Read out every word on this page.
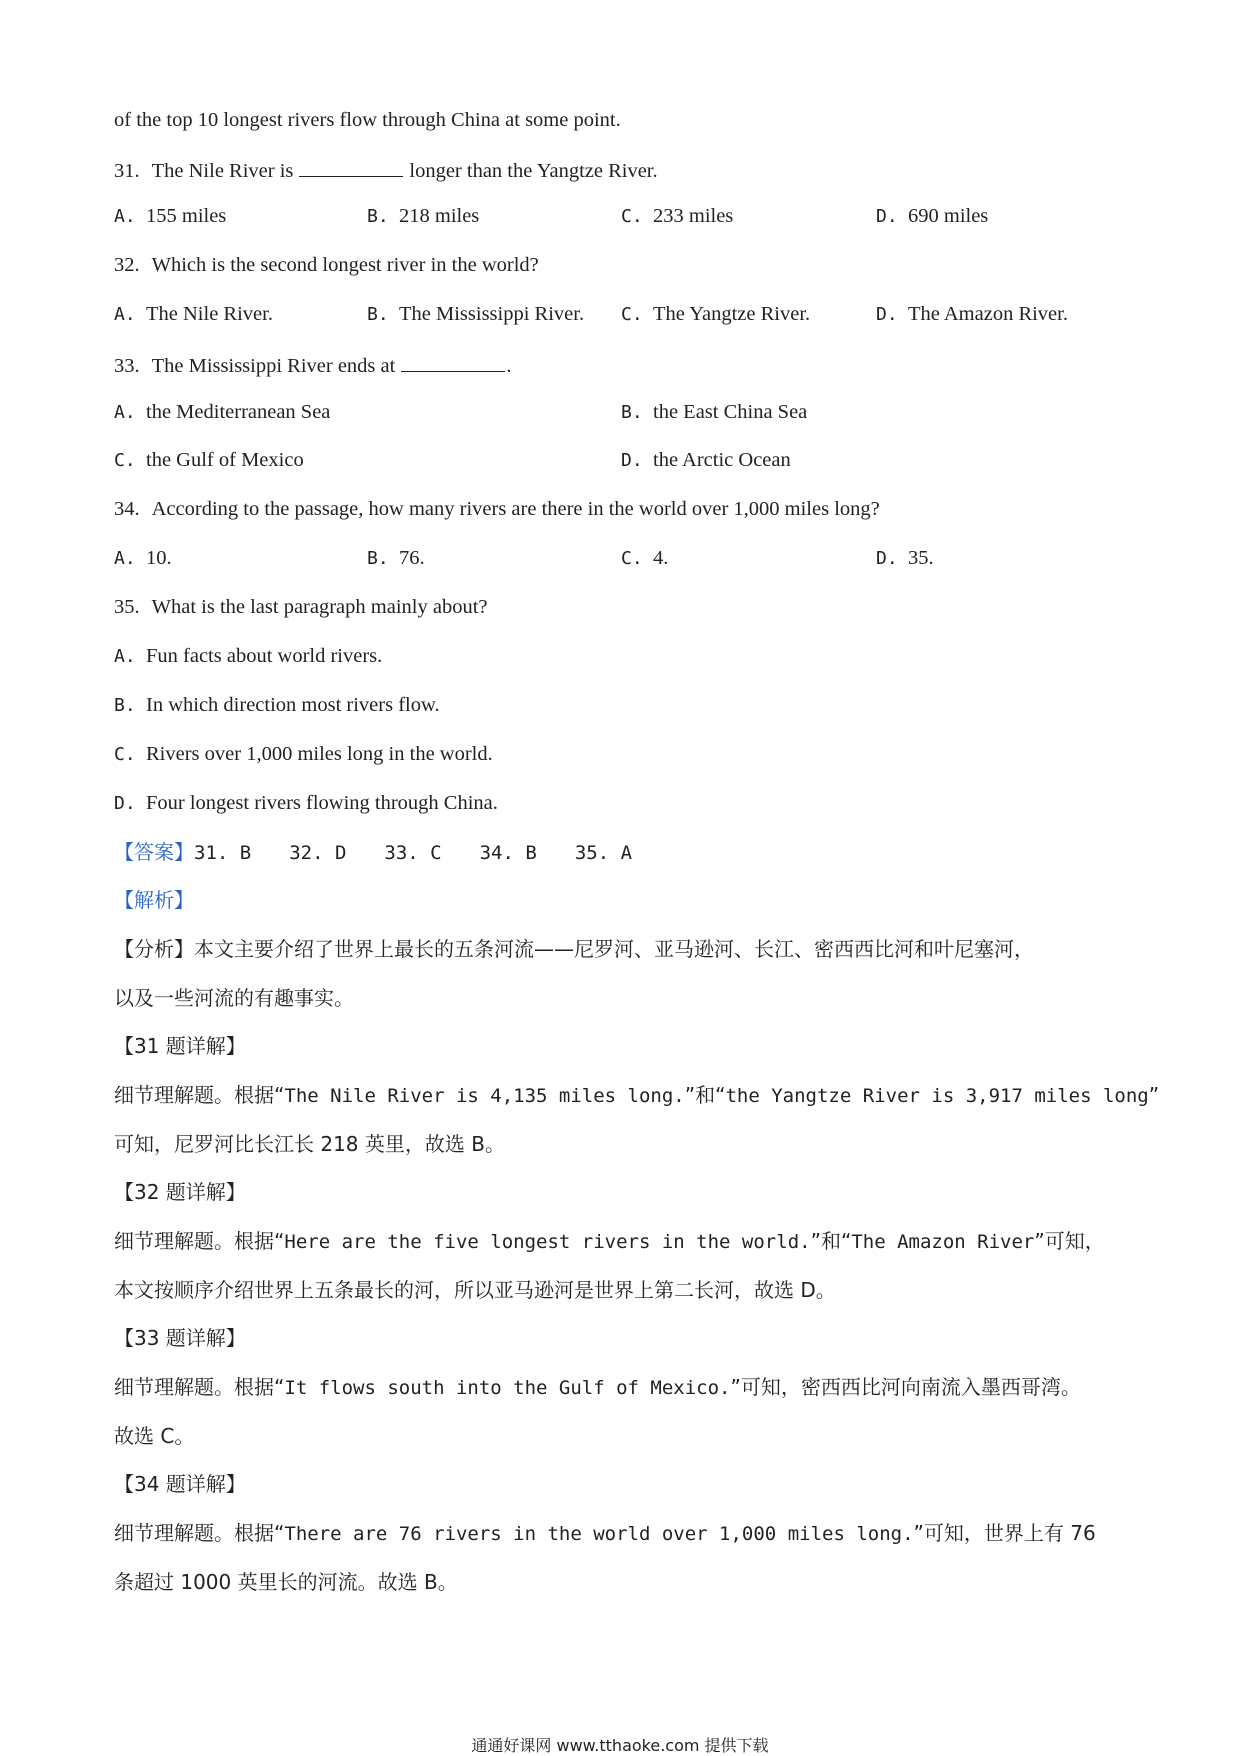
of the top 10 longest rivers flow through China at some point.
31. The Nile River is	longer than the Yangtze River.
A. 155 miles	B. 218 miles	C. 233 miles	D. 690 miles
32. Which is the second longest river in the world?
A. The Nile River.	B. The Mississippi River. C. The Yangtze River.	D. The Amazon River.
33. The Mississippi River ends at	.
A. the Mediterranean Sea	B. the East China Sea
C. the Gulf of Mexico	D. the Arctic Ocean
34. According to the passage, how many rivers are there in the world over 1,000 miles long?
A. 10.	B. 76.	C. 4.	D. 35.
35. What is the last paragraph mainly about?
A. Fun facts about world rivers.
B. In which direction most rivers flow.
C. Rivers over 1,000 miles long in the world.
D. Four longest rivers flowing through China.
【答案】31. B 32. D 33. C 34. B 35. A
【解析】
【分析】本文主要介绍了世界上最长的五条河流——尼罗河、亚马逊河、长江、密西西比河和叶尼塞河，
以及一些河流的有趣事实。
【31 题详解】
细节理解题。根据“The Nile River is 4,135 miles long.”和“the Yangtze River is 3,917 miles long”
可知，尼罗河比长江长 218 英里，故选 B。
【32 题详解】
细节理解题。根据“Here are the five longest rivers in the world.”和“The Amazon River”可知，
本文按顺序介绍世界上五条最长的河，所以亚马逊河是世界上第二长河，故选 D。
【33 题详解】
细节理解题。根据“It flows south into the Gulf of Mexico.”可知，密西西比河向南流入墨西哥湾。
故选 C。
【34 题详解】
细节理解题。根据“There are 76 rivers in the world over 1,000 miles long.”可知，世界上有 76
条超过 1000 英里长的河流。故选 B。
通通好课网 www.tthaoke.com 提供下载
